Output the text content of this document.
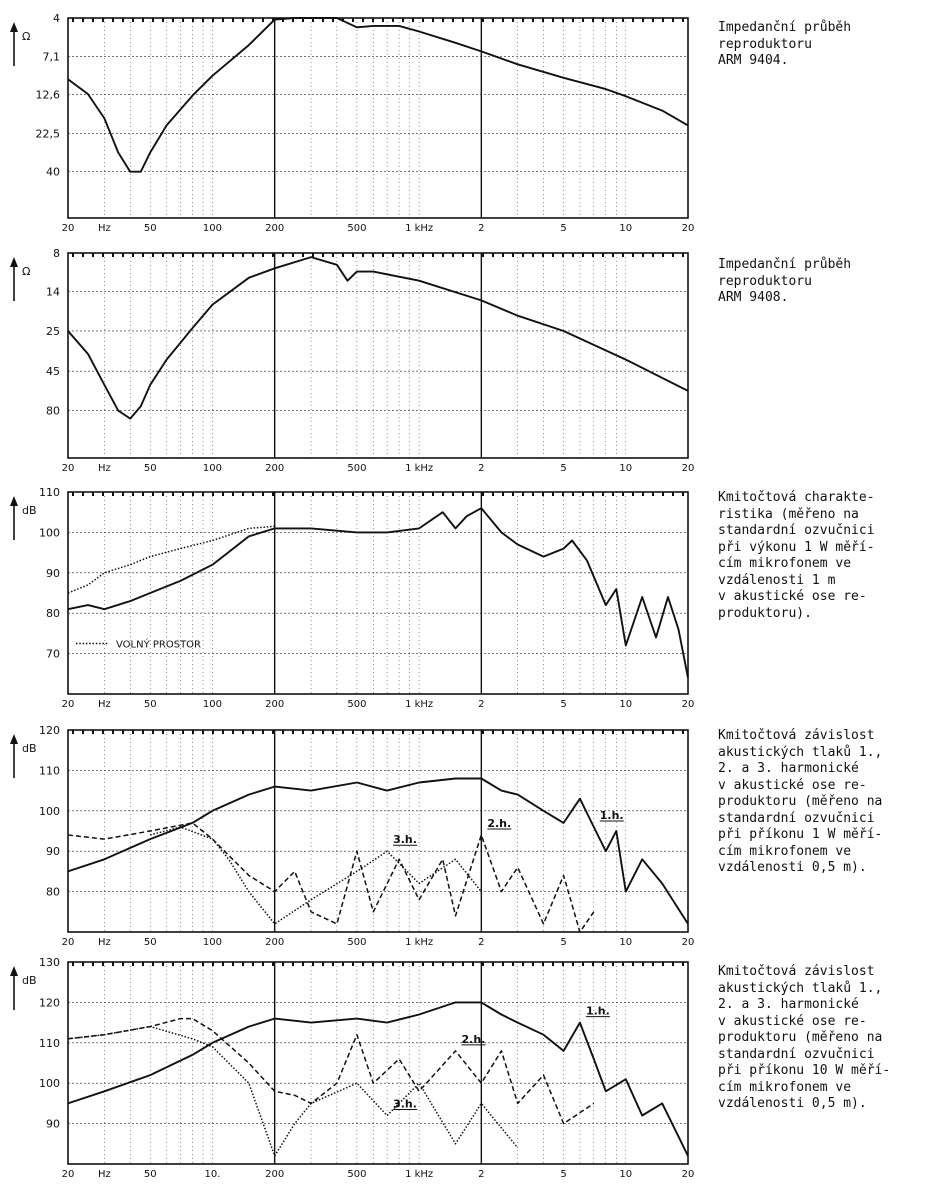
20 Hz	50	100	200	500	1 kHz	2	5	10	20
4
7,1
12,6
22,5
40
Ω
Impedanční průběh
reproduktoru
ARM 9404.
20 Hz	50	100	200	500	1 kHz	2	5	10	20
8
14
25
45
80
Ω	Impedanční průběh
reproduktoru
ARM 9408.
20 Hz	50	100	200	500	1 kHz	2	5	10	20
70
80
90
100
110
dB
VOLNÝ PROSTOR
Kmitočtová charakte-
ristika (měřeno na
standardní ozvučnici
při výkonu 1 W měří-
cím mikrofonem ve
vzdálenosti 1 m
v akustické ose re-
produktoru).
20 Hz	50	100	200	500	1 kHz	2	5	10	20
80
90
100
110
120
dB
1.h.
2.h.
3.h.
Kmitočtová závislost
akustických tlaků 1.,
2. a 3. harmonické
v akustické ose re-
produktoru (měřeno na
standardní ozvučnici
při příkonu 1 W měří-
cím mikrofonem ve
vzdálenosti 0,5 m).
20 Hz	50	10.	200	500	1 kHz	2	5	10	20
90
100
110
120
130
dB
1.h.
2.h.
3.h.
Kmitočtová závislost
akustických tlaků 1.,
2. a 3. harmonické
v akustické ose re-
produktoru (měřeno na
standardní ozvučnici
při příkonu 10 W měří-
cím mikrofonem ve
vzdálenosti 0,5 m).
